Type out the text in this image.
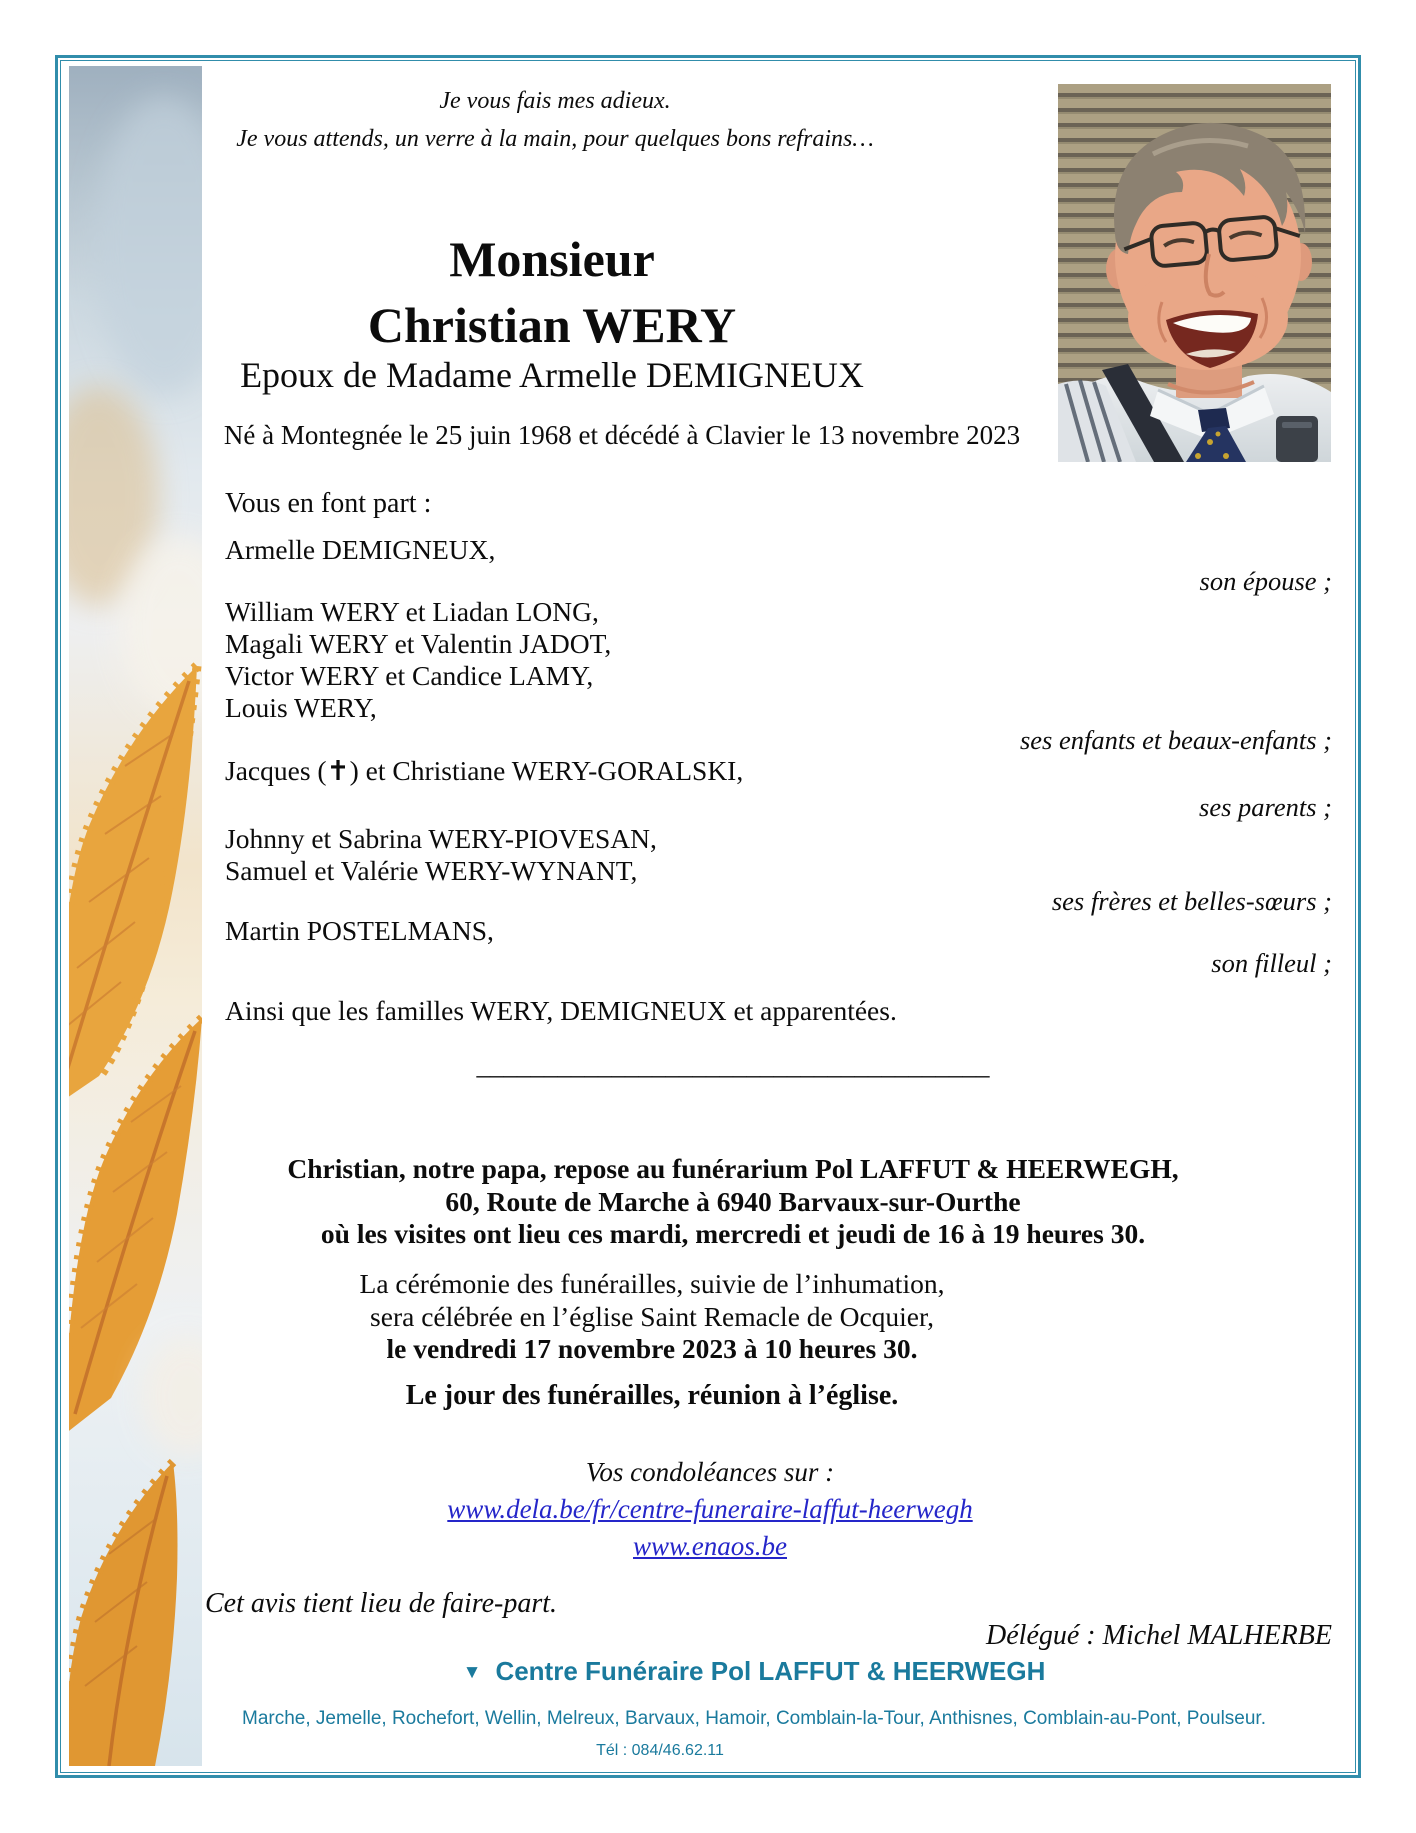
Je vous fais mes adieux.
Je vous attends, un verre à la main, pour quelques bons refrains…
Monsieur
Christian WERY
Epoux de Madame Armelle DEMIGNEUX
Né à Montegnée le 25 juin 1968 et décédé à Clavier le 13 novembre 2023
Vous en font part :
Armelle DEMIGNEUX,
son épouse ;
William WERY et Liadan LONG,
Magali WERY et Valentin JADOT,
Victor WERY et Candice LAMY,
Louis WERY,
ses enfants et beaux-enfants ;
Jacques (✝) et Christiane WERY-GORALSKI,
ses parents ;
Johnny et Sabrina WERY-PIOVESAN,
Samuel et Valérie WERY-WYNANT,
ses frères et belles-sœurs ;
Martin POSTELMANS,
son filleul ;
Ainsi que les familles WERY, DEMIGNEUX et apparentées.
______________________________________
Christian, notre papa, repose au funérarium Pol LAFFUT & HEERWEGH,
60, Route de Marche à 6940 Barvaux-sur-Ourthe
où les visites ont lieu ces mardi, mercredi et jeudi de 16 à 19 heures 30.
La cérémonie des funérailles, suivie de l’inhumation,
sera célébrée en l’église Saint Remacle de Ocquier,
le vendredi 17 novembre 2023 à 10 heures 30.
Le jour des funérailles, réunion à l’église.
Vos condoléances sur :
www.dela.be/fr/centre-funeraire-laffut-heerwegh
www.enaos.be
Cet avis tient lieu de faire-part.
Délégué : Michel MALHERBE
▼ Centre Funéraire Pol LAFFUT & HEERWEGH
Marche, Jemelle, Rochefort, Wellin, Melreux, Barvaux, Hamoir, Comblain-la-Tour, Anthisnes, Comblain-au-Pont, Poulseur.
Tél : 084/46.62.11
